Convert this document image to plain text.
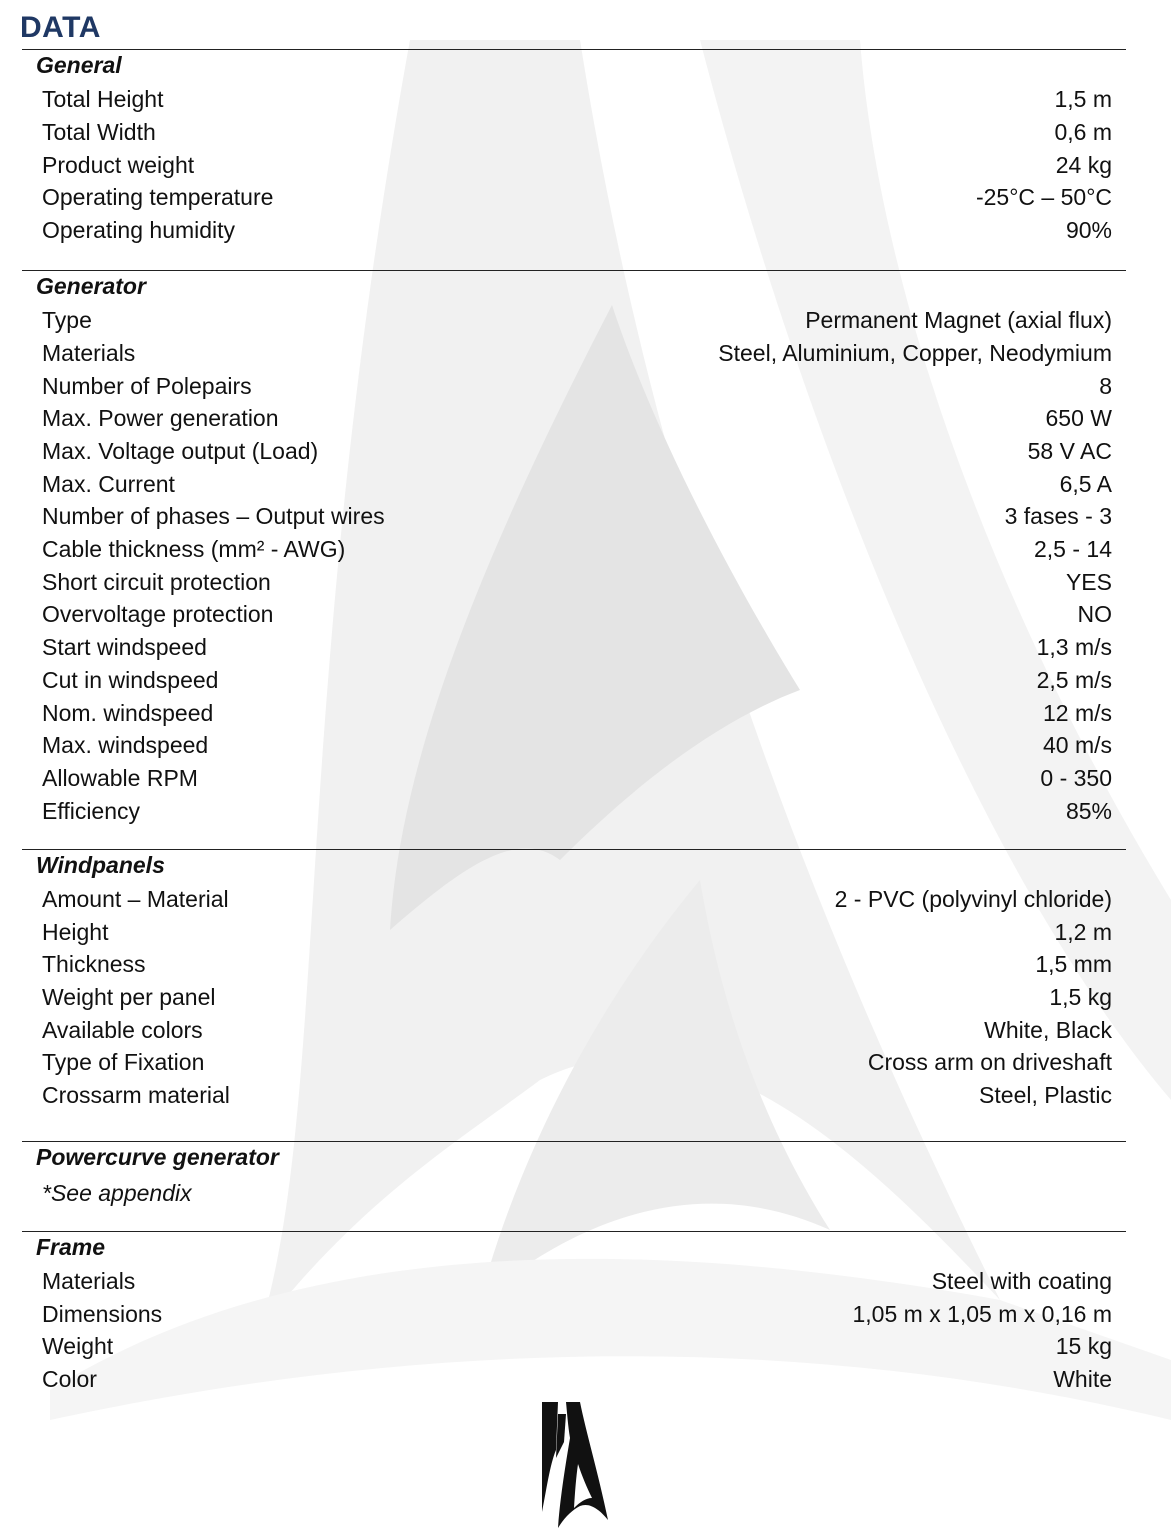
DATA
General
Total Height	1,5 m
Total Width	0,6 m
Product weight	24 kg
Operating temperature	-25°C – 50°C
Operating humidity	90%
Generator
Type	Permanent Magnet (axial flux)
Materials	Steel, Aluminium, Copper, Neodymium
Number of Polepairs	8
Max. Power generation	650 W
Max. Voltage output (Load)	58 V AC
Max. Current	6,5 A
Number of phases – Output wires	3 fases - 3
Cable thickness (mm² - AWG)	2,5 - 14
Short circuit protection	YES
Overvoltage protection	NO
Start windspeed	1,3 m/s
Cut in windspeed	2,5 m/s
Nom. windspeed	12 m/s
Max. windspeed	40 m/s
Allowable RPM	0 - 350
Efficiency	85%
Windpanels
Amount – Material	2 - PVC (polyvinyl chloride)
Height	1,2 m
Thickness	1,5 mm
Weight per panel	1,5 kg
Available colors	White, Black
Type of Fixation	Cross arm on driveshaft
Crossarm material	Steel, Plastic
Powercurve generator
*See appendix
Frame
Materials	Steel with coating
Dimensions	1,05 m x 1,05 m x 0,16 m
Weight	15 kg
Color	White
